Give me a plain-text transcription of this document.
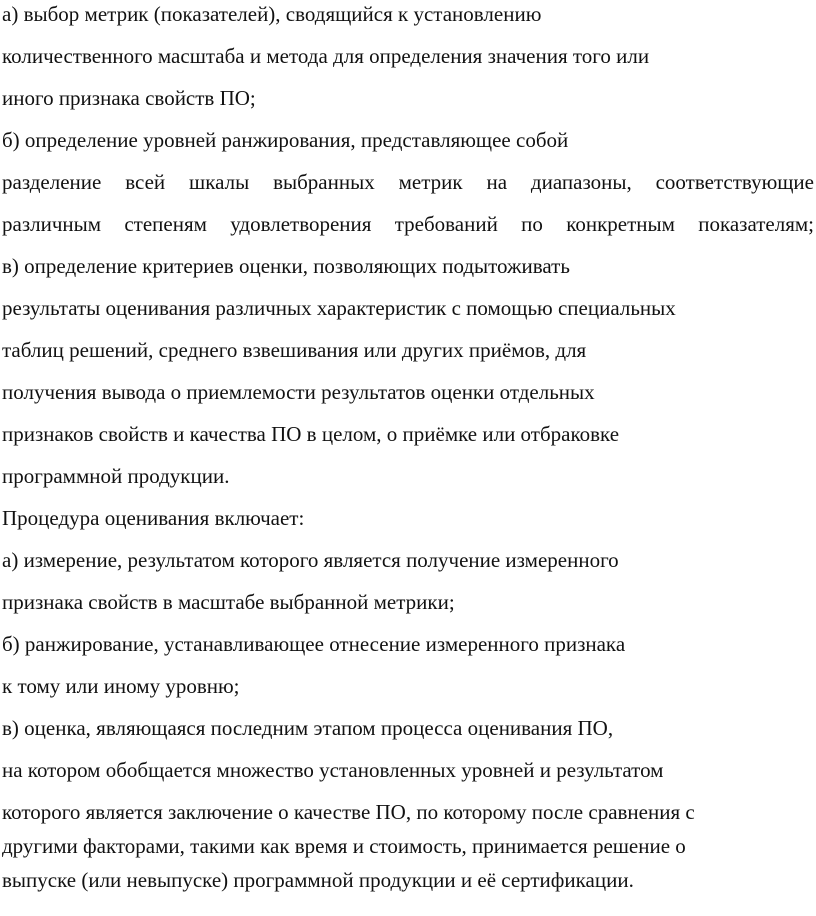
а) выбор метрик (показателей), сводящийся к установлению
количественного масштаба и метода для определения значения того или
иного признака свойств ПО;
б) определение уровней ранжирования, представляющее собой
разделение всей шкалы выбранных метрик на диапазоны, соответствующие
различным степеням удовлетворения требований по конкретным показателям;
в) определение критериев оценки, позволяющих подытоживать
результаты оценивания различных характеристик с помощью специальных
таблиц решений, среднего взвешивания или других приёмов, для
получения вывода о приемлемости результатов оценки отдельных
признаков свойств и качества ПО в целом, о приёмке или отбраковке
программной продукции.
Процедура оценивания включает:
а) измерение, результатом которого является получение измеренного
признака свойств в масштабе выбранной метрики;
б) ранжирование, устанавливающее отнесение измеренного признака
к тому или иному уровню;
в) оценка, являющаяся последним этапом процесса оценивания ПО,
на котором обобщается множество установленных уровней и результатом
которого является заключение о качестве ПО, по которому после сравнения с
другими факторами, такими как время и стоимость, принимается решение о
выпуске (или невыпуске) программной продукции и её сертификации.
